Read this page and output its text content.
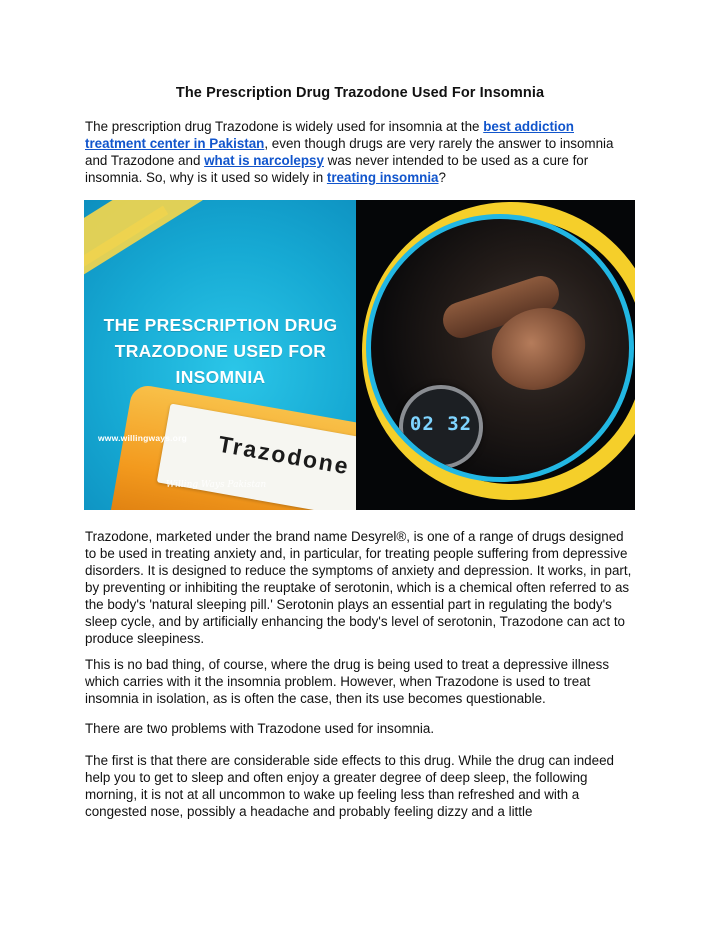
The Prescription Drug Trazodone Used For Insomnia

The prescription drug Trazodone is widely used for insomnia at the best addiction treatment center in Pakistan, even though drugs are very rarely the answer to insomnia and Trazodone and what is narcolepsy was never intended to be used as a cure for insomnia. So, why is it used so widely in treating insomnia?

THE PRESCRIPTION DRUG
TRAZODONE USED FOR
INSOMNIA
Trazodone
www.willingways.org
Willing Ways Pakistan
02 32

Trazodone, marketed under the brand name Desyrel®, is one of a range of drugs designed to be used in treating anxiety and, in particular, for treating people suffering from depressive disorders. It is designed to reduce the symptoms of anxiety and depression. It works, in part, by preventing or inhibiting the reuptake of serotonin, which is a chemical often referred to as the body's 'natural sleeping pill.' Serotonin plays an essential part in regulating the body's sleep cycle, and by artificially enhancing the body's level of serotonin, Trazodone can act to produce sleepiness.

This is no bad thing, of course, where the drug is being used to treat a depressive illness which carries with it the insomnia problem. However, when Trazodone is used to treat insomnia in isolation, as is often the case, then its use becomes questionable.

There are two problems with Trazodone used for insomnia.

The first is that there are considerable side effects to this drug. While the drug can indeed help you to get to sleep and often enjoy a greater degree of deep sleep, the following morning, it is not at all uncommon to wake up feeling less than refreshed and with a congested nose, possibly a headache and probably feeling dizzy and a little
